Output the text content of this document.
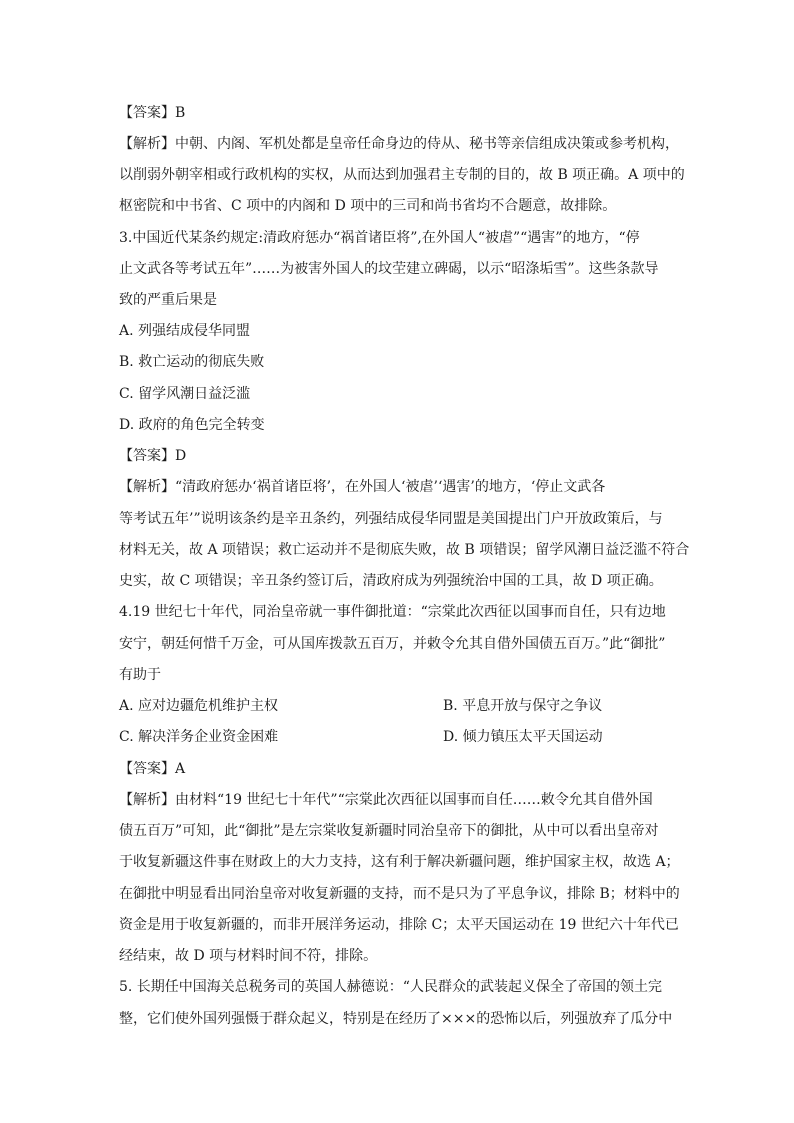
【答案】B
【解析】中朝、内阁、军机处都是皇帝任命身边的侍从、秘书等亲信组成决策或参考机构，
以削弱外朝宰相或行政机构的实权，从而达到加强君主专制的目的，故 B 项正确。A 项中的
枢密院和中书省、C 项中的内阁和 D 项中的三司和尚书省均不合题意，故排除。
3.中国近代某条约规定:清政府惩办“祸首诸臣将”,在外国人“被虐”“遇害”的地方，“停
止文武各等考试五年”……为被害外国人的坟茔建立碑碣，以示“昭涤垢雪”。这些条款导
致的严重后果是
A. 列强结成侵华同盟
B. 救亡运动的彻底失败
C. 留学风潮日益泛滥
D. 政府的角色完全转变
【答案】D
【解析】“清政府惩办‘祸首诸臣将’，在外国人‘被虐’‘遇害’的地方，‘停止文武各
等考试五年’”说明该条约是辛丑条约，列强结成侵华同盟是美国提出门户开放政策后，与
材料无关，故 A 项错误；救亡运动并不是彻底失败，故 B 项错误；留学风潮日益泛滥不符合
史实，故 C 项错误；辛丑条约签订后，清政府成为列强统治中国的工具，故 D 项正确。
4.19 世纪七十年代，同治皇帝就一事件御批道：“宗棠此次西征以国事而自任，只有边地
安宁，朝廷何惜千万金，可从国库拨款五百万，并敕令允其自借外国债五百万。”此“御批”
有助于
A. 应对边疆危机维护主权	B. 平息开放与保守之争议
C. 解决洋务企业资金困难	D. 倾力镇压太平天国运动
【答案】A
【解析】由材料“19 世纪七十年代”“宗棠此次西征以国事而自任……敕令允其自借外国
债五百万”可知，此“御批”是左宗棠收复新疆时同治皇帝下的御批，从中可以看出皇帝对
于收复新疆这件事在财政上的大力支持，这有利于解决新疆问题，维护国家主权，故选 A；
在御批中明显看出同治皇帝对收复新疆的支持，而不是只为了平息争议，排除 B；材料中的
资金是用于收复新疆的，而非开展洋务运动，排除 C；太平天国运动在 19 世纪六十年代已
经结束，故 D 项与材料时间不符，排除。
5. 长期任中国海关总税务司的英国人赫德说：“人民群众的武装起义保全了帝国的领土完
整，它们使外国列强慑于群众起义，特别是在经历了×××的恐怖以后，列强放弃了瓜分中
